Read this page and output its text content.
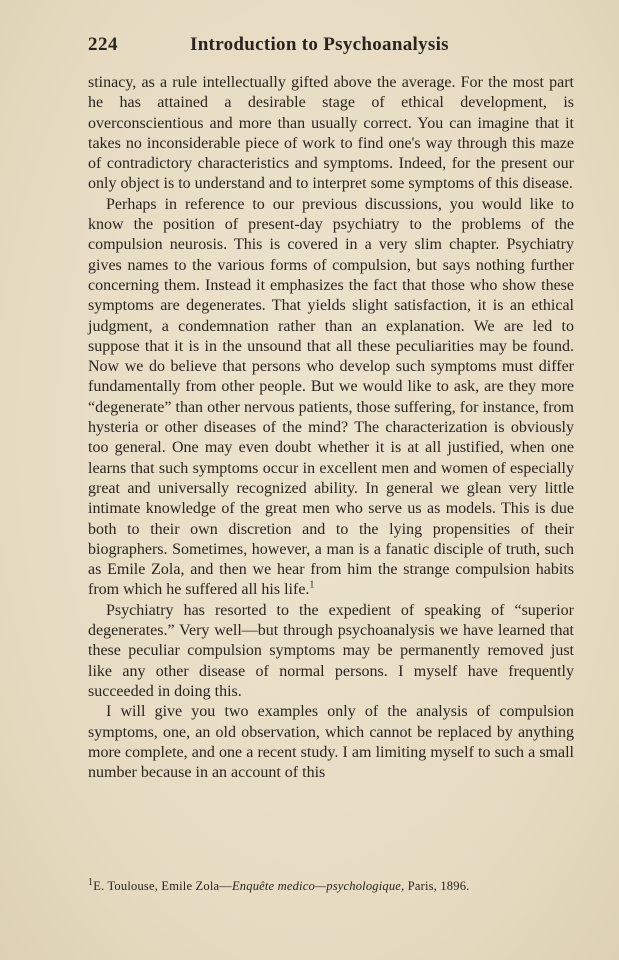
224	Introduction to Psychoanalysis

stinacy, as a rule intellectually gifted above the average. For the most part he has attained a desirable stage of ethical development, is overconscientious and more than usually correct. You can imagine that it takes no inconsiderable piece of work to find one's way through this maze of contradictory characteristics and symptoms. Indeed, for the present our only object is to understand and to interpret some symptoms of this disease.

Perhaps in reference to our previous discussions, you would like to know the position of present-day psychiatry to the problems of the compulsion neurosis. This is covered in a very slim chapter. Psychiatry gives names to the various forms of compulsion, but says nothing further concerning them. Instead it emphasizes the fact that those who show these symptoms are degenerates. That yields slight satisfaction, it is an ethical judgment, a condemnation rather than an explanation. We are led to suppose that it is in the unsound that all these peculiarities may be found. Now we do believe that persons who develop such symptoms must differ fundamentally from other people. But we would like to ask, are they more “degenerate” than other nervous patients, those suffering, for instance, from hysteria or other diseases of the mind? The characterization is obviously too general. One may even doubt whether it is at all justified, when one learns that such symptoms occur in excellent men and women of especially great and universally recognized ability. In general we glean very little intimate knowledge of the great men who serve us as models. This is due both to their own discretion and to the lying propensities of their biographers. Sometimes, however, a man is a fanatic disciple of truth, such as Emile Zola, and then we hear from him the strange compulsion habits from which he suffered all his life.$^1$

Psychiatry has resorted to the expedient of speaking of “superior degenerates.” Very well—but through psychoanalysis we have learned that these peculiar compulsion symptoms may be permanently removed just like any other disease of normal persons. I myself have frequently succeeded in doing this.

I will give you two examples only of the analysis of compulsion symptoms, one, an old observation, which cannot be replaced by anything more complete, and one a recent study. I am limiting myself to such a small number because in an account of this

$^1$E. Toulouse, Emile Zola—Enquête medico—psychologique, Paris, 1896.
